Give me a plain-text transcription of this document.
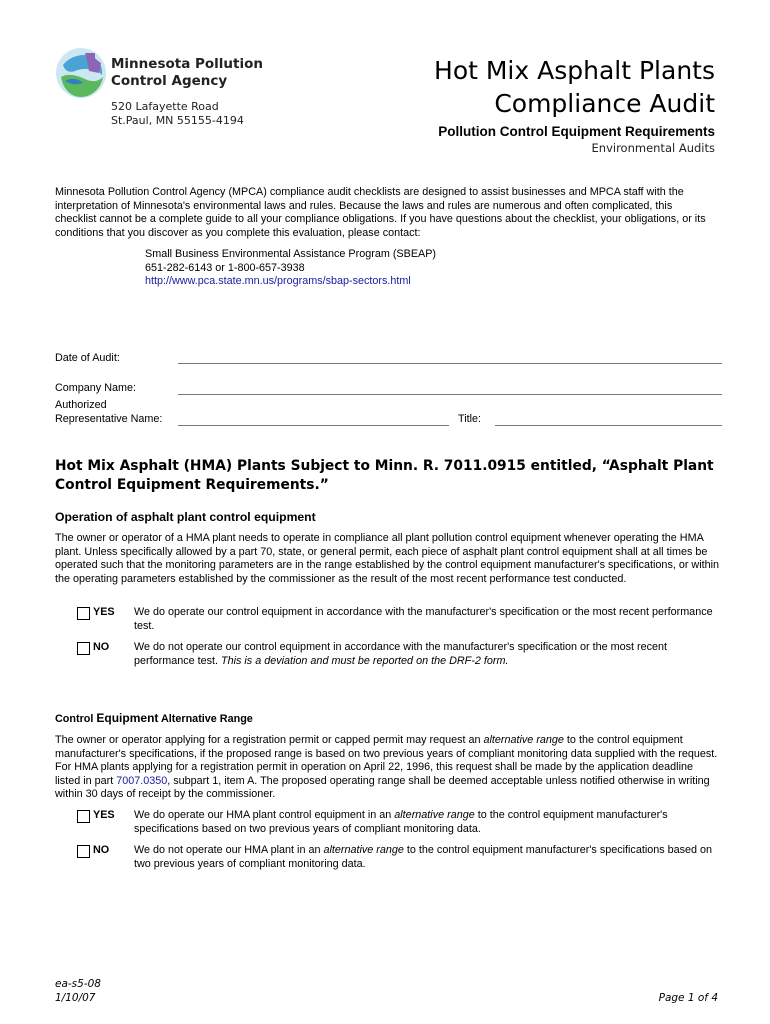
Minnesota Pollution
Control Agency
520 Lafayette Road
St.Paul, MN 55155-4194
Hot Mix Asphalt Plants
Compliance Audit
Pollution Control Equipment Requirements
Environmental Audits
Minnesota Pollution Control Agency (MPCA) compliance audit checklists are designed to assist businesses and MPCA staff with the interpretation of Minnesota's environmental laws and rules. Because the laws and rules are numerous and often complicated, this checklist cannot be a complete guide to all your compliance obligations. If you have questions about the checklist, your obligations, or its conditions that you discover as you complete this evaluation, please contact:
Small Business Environmental Assistance Program (SBEAP)
651-282-6143 or 1-800-657-3938
http://www.pca.state.mn.us/programs/sbap-sectors.html
Date of Audit:
Company Name:
Authorized
Representative Name:	Title:
Hot Mix Asphalt (HMA) Plants Subject to Minn. R. 7011.0915 entitled, “Asphalt Plant Control Equipment Requirements.”
Operation of asphalt plant control equipment
The owner or operator of a HMA plant needs to operate in compliance all plant pollution control equipment whenever operating the HMA plant. Unless specifically allowed by a part 70, state, or general permit, each piece of asphalt plant control equipment shall at all times be operated such that the monitoring parameters are in the range established by the control equipment manufacturer's specifications, or within the operating parameters established by the commissioner as the result of the most recent performance test conducted.
YES We do operate our control equipment in accordance with the manufacturer's specification or the most recent performance test.
NO We do not operate our control equipment in accordance with the manufacturer's specification or the most recent performance test. This is a deviation and must be reported on the DRF-2 form.
Control Equipment Alternative Range
The owner or operator applying for a registration permit or capped permit may request an alternative range to the control equipment manufacturer's specifications, if the proposed range is based on two previous years of compliant monitoring data supplied with the request. For HMA plants applying for a registration permit in operation on April 22, 1996, this request shall be made by the application deadline listed in part 7007.0350, subpart 1, item A. The proposed operating range shall be deemed acceptable unless notified otherwise in writing within 30 days of receipt by the commissioner.
YES We do operate our HMA plant control equipment in an alternative range to the control equipment manufacturer's specifications based on two previous years of compliant monitoring data.
NO We do not operate our HMA plant in an alternative range to the control equipment manufacturer's specifications based on two previous years of compliant monitoring data.
ea-s5-08
1/10/07	Page 1 of 4
